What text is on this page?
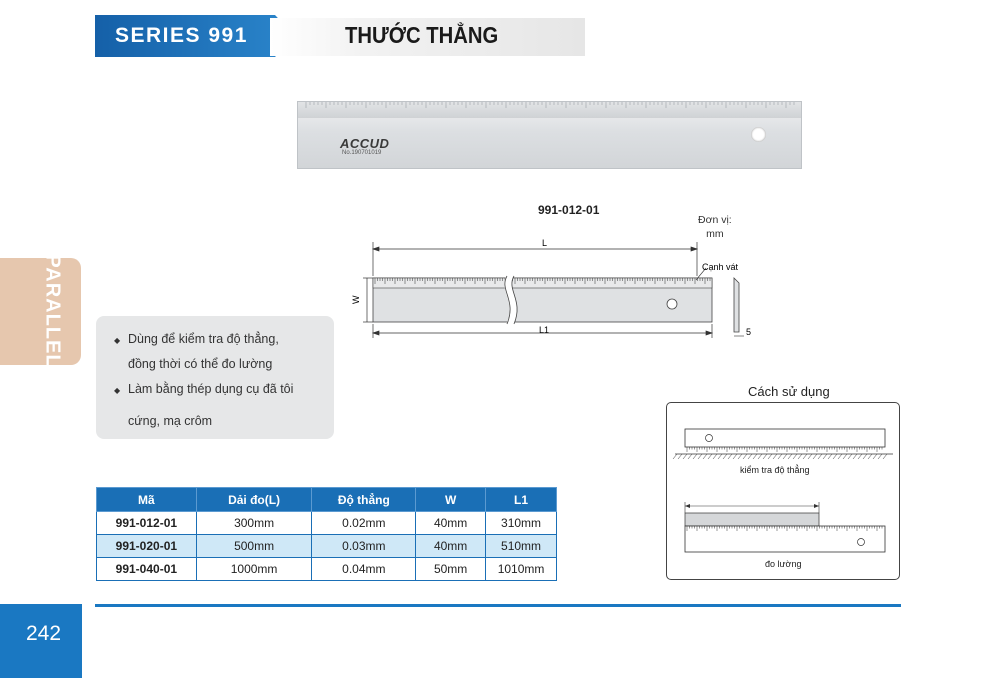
SERIES 991	THƯỚC THẲNG
PARALLEL
ACCUD
No.190701019
991-012-01
Đơn vị:
mm
L
L1
W
Cạnh vát
5
◆ Dùng để kiểm tra độ thẳng,
đồng thời có thể đo lường
◆ Làm bằng thép dụng cụ đã tôi
cứng, mạ crôm
Mã	Dải đo(L)	Độ thẳng	W	L1
991-012-01	300mm	0.02mm	40mm	310mm
991-020-01	500mm	0.03mm	40mm	510mm
991-040-01	1000mm	0.04mm	50mm	1010mm
Cách sử dụng
kiểm tra độ thẳng
đo lường
242
